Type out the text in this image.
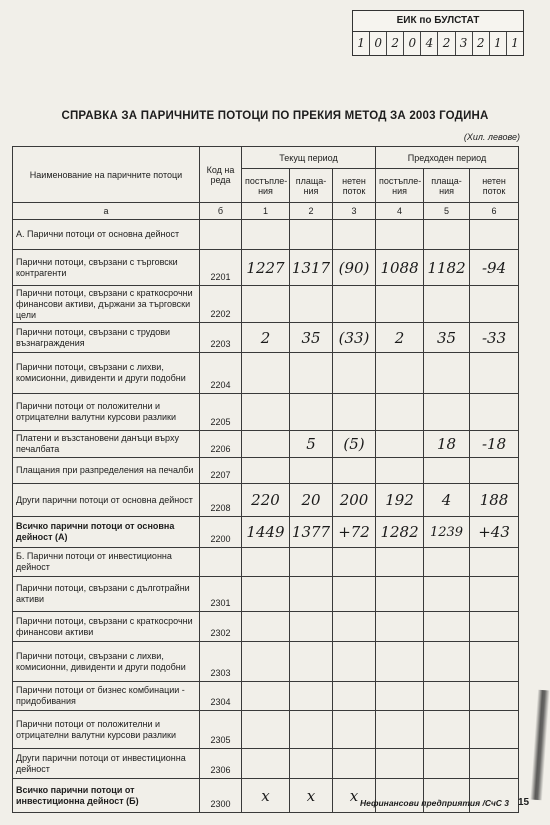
ЕИК по БУЛСТАТ
1 0 2 0 4 2 3 2 1 1
СПРАВКА ЗА ПАРИЧНИТЕ ПОТОЦИ ПО ПРЕКИЯ МЕТОД ЗА 2003 ГОДИНА
(Хил. левове)
Наименование на паричните потоци	Код на реда	Текущ период			Предходен период		
		постъпле-ния	плаща-ния	нетен поток	постъпле-ния	плаща-ния	нетен поток
а	б	1	2	3	4	5	6
А. Парични потоци от основна дейност							
Парични потоци, свързани с търговски контрагенти	2201	1227	1317	(90)	1088	1182	-94
Парични потоци, свързани с краткосрочни финансови активи, държани за търговски цели	2202						
Парични потоци, свързани с трудови възнаграждения	2203	2	35	(33)	2	35	-33
Парични потоци, свързани с лихви, комисионни, дивиденти и други подобни	2204						
Парични потоци от положителни и отрицателни валутни курсови разлики	2205						
Платени и възстановени данъци върху печалбата	2206		5	(5)		18	-18
Плащания при разпределения на печалби	2207						
Други парични потоци от основна дейност	2208	220	20	200	192	4	188
Всичко парични потоци от основна дейност (А)	2200	1449	1377	+72	1282	1239	+43
Б. Парични потоци от инвестиционна дейност							
Парични потоци, свързани с дълготрайни активи	2301						
Парични потоци, свързани с краткосрочни финансови активи	2302						
Парични потоци, свързани с лихви, комисионни, дивиденти и други подобни	2303						
Парични потоци от бизнес комбинации - придобивания	2304						
Парични потоци от положителни и отрицателни валутни курсови разлики	2305						
Други парични потоци от инвестиционна дейност	2306						
Всичко парични потоци от инвестиционна дейност (Б)	2300	x	x	x			Нефинансови предприятия /СчС 3 15
